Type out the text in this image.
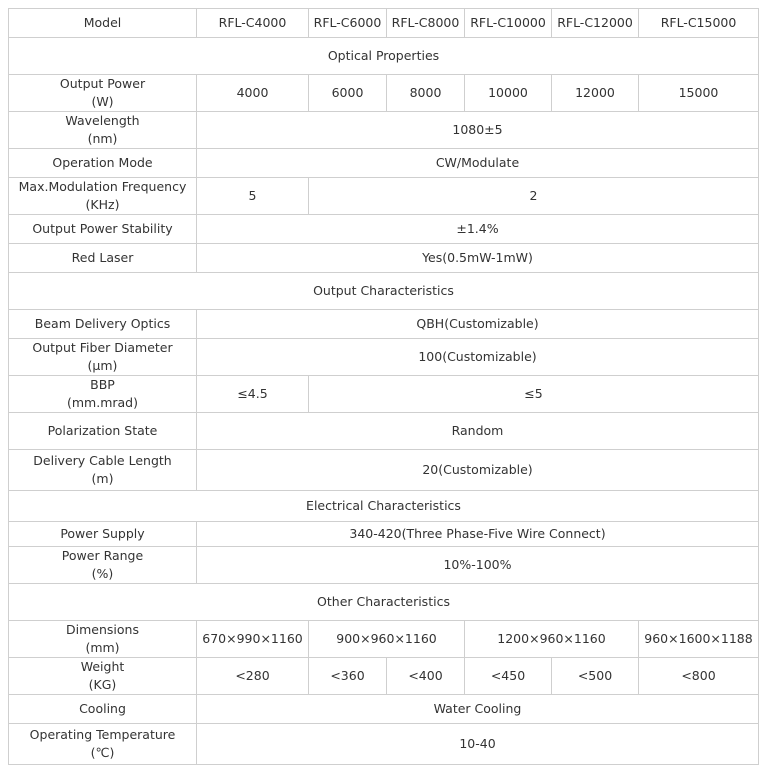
Model	RFL-C4000	RFL-C6000	RFL-C8000	RFL-C10000	RFL-C12000	RFL-C15000
Optical Properties						
Output Power
(W)	4000	6000	8000	10000	12000	15000
Wavelength
(nm)	1080±5					
Operation Mode	CW/Modulate					
Max.Modulation Frequency
(KHz)	5	2				
Output Power Stability	±1.4%					
Red Laser	Yes(0.5mW-1mW)					
Output Characteristics						
Beam Delivery Optics	QBH(Customizable)					
Output Fiber Diameter
(μm)	100(Customizable)					
BBP
(mm.mrad)	≤4.5	≤5				
Polarization State	Random					
Delivery Cable Length
(m)	20(Customizable)					
Electrical Characteristics						
Power Supply	340-420(Three Phase-Five Wire Connect)					
Power Range
(%)	10%-100%					
Other Characteristics						
Dimensions
(mm)	670×990×1160	900×960×1160		1200×960×1160		960×1600×1188
Weight
(KG)	<280	<360	<400	<450	<500	<800
Cooling	Water Cooling					
Operating Temperature
(℃)	10-40					
